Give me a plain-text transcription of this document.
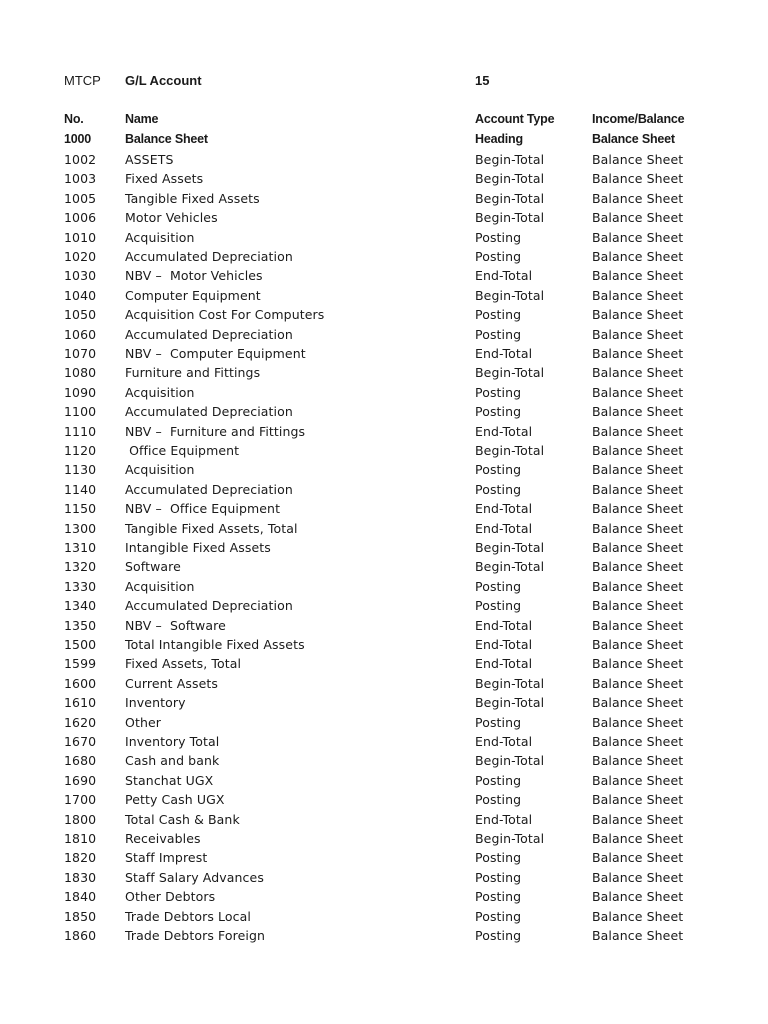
MTCP G/L Account	15
No.	Name	Account Type	Income/Balance
1000	Balance Sheet	Heading	Balance Sheet
1002 ASSETS	Begin-Total	Balance Sheet
1003 Fixed Assets	Begin-Total	Balance Sheet
1005 Tangible Fixed Assets	Begin-Total	Balance Sheet
1006 Motor Vehicles	Begin-Total	Balance Sheet
1010 Acquisition	Posting	Balance Sheet
1020 Accumulated Depreciation	Posting	Balance Sheet
1030 NBV –  Motor Vehicles	End-Total	Balance Sheet
1040 Computer Equipment	Begin-Total	Balance Sheet
1050 Acquisition Cost For Computers	Posting	Balance Sheet
1060 Accumulated Depreciation	Posting	Balance Sheet
1070 NBV –  Computer Equipment	End-Total	Balance Sheet
1080 Furniture and Fittings	Begin-Total	Balance Sheet
1090 Acquisition	Posting	Balance Sheet
1100 Accumulated Depreciation	Posting	Balance Sheet
1110 NBV –  Furniture and Fittings	End-Total	Balance Sheet
1120 Office Equipment	Begin-Total	Balance Sheet
1130 Acquisition	Posting	Balance Sheet
1140 Accumulated Depreciation	Posting	Balance Sheet
1150 NBV –  Office Equipment	End-Total	Balance Sheet
1300 Tangible Fixed Assets, Total	End-Total	Balance Sheet
1310 Intangible Fixed Assets	Begin-Total	Balance Sheet
1320 Software	Begin-Total	Balance Sheet
1330 Acquisition	Posting	Balance Sheet
1340 Accumulated Depreciation	Posting	Balance Sheet
1350 NBV –  Software	End-Total	Balance Sheet
1500 Total Intangible Fixed Assets	End-Total	Balance Sheet
1599 Fixed Assets, Total	End-Total	Balance Sheet
1600 Current Assets	Begin-Total	Balance Sheet
1610 Inventory	Begin-Total	Balance Sheet
1620 Other	Posting	Balance Sheet
1670 Inventory Total	End-Total	Balance Sheet
1680 Cash and bank	Begin-Total	Balance Sheet
1690 Stanchat UGX	Posting	Balance Sheet
1700 Petty Cash UGX	Posting	Balance Sheet
1800 Total Cash & Bank	End-Total	Balance Sheet
1810 Receivables	Begin-Total	Balance Sheet
1820 Staff Imprest	Posting	Balance Sheet
1830 Staff Salary Advances	Posting	Balance Sheet
1840 Other Debtors	Posting	Balance Sheet
1850 Trade Debtors Local	Posting	Balance Sheet
1860 Trade Debtors Foreign	Posting	Balance Sheet
